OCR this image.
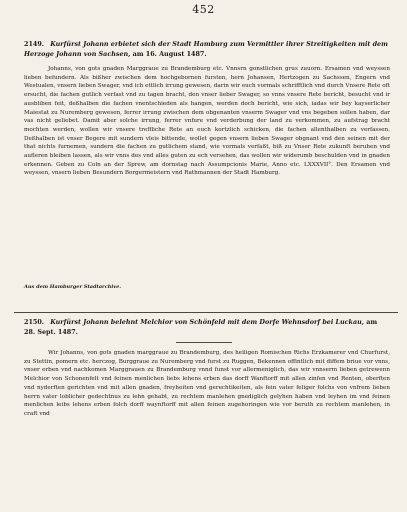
452
2149. Kurfürst Johann erbietet sich der Stadt Hamburg zum Vermittler ihrer Streitigkeiten mit dem Herzoge Johann von Sachsen, am 16. August 1487.

Johanns, von gots gnaden Marggraue zu Brandemburg etc. Vnnsrn gonstlichen grus zuuorn. Ersamen vnd weyssen lieben befundern. Als bißher zwischen dem hochgebornen fursten, hern Johansen, Hertzogen zu Sachssen, Engern vnd Westualen, vnsern lieben Swager, vnd ich ettlich irrung gewesen, darin wir euch vormals schrifftlich vnd durch Vnsere Rete oft ersucht, die fachen gutlich verfast vnd zu tagen bracht, den vnser lieber Swager, so vnns vnsere Rete bericht, besucht vnd ir ausbliben feit, deßhalben die fachen vnentschieden als hangen, werden doch bericht, wie sich, iadas wir bey kayserlicher Maiestat zu Nuremberg gewesen, ferrer irrung zwischen dem obgenanten vnserm Swager vnd vns begeben sollen haben, dar vas nicht geliebet. Damit aber solche irrung, ferrer vnfure vnd verderbung der land zu verkommen, zu aufstrag bracht mochten werden, wollen wir vnsere treffliche Rete an euch kortzlich schicken, die fachen allenthalben zu verfassen. Deßhalben ist vnser Begere mit sundern vleis bittende, wollet gegen vnsern lieben Swager obgnant vnd den seinen mit der that nichts furnemen, sundern die fachen zu gutlichem stand, wie vormals verfaßt, biß zu Vnser Rete zukunft beruhen vnd aufleren bleiben lassen, als wir vnns des vnd alles guten zu ech versehen, das wollen wir widerumb beschulden vnd in gnaden erkennen. Geben zu Coln an der Sprew, am dornstag nach Assumpcionis Marie, Anno etc. LXXXVII°. Den Ersamen vnd weyssen, vnsern lieben Besundern Borgermeistern vnd Rathmannen der Stadt Hamburg.

Aus dem Hamburger Stadtarchive.
2150. Kurfürst Johann belehnt Melchior von Schönfeld mit dem Dorfe Wehnsdorf bei Luckau, am 28. Sept. 1487.

Wir Johanns, von gots gnaden marggraue zu Brandemburg, des heiligen Romischen Richs Erzkamerer vnd Churfurst, zu Stettin, pomern etc. herczog, Burggraue zu Nuremberg vnd furst zu Ruggen, Bekennen offintlich mit diffem briue vor vnns, vnser erben vnd nachkomen Marggrauen zu Brandemburg vnnd funst vor allermeniglich, das wir vnnserm lieben getrewenn Melchior von Schonenfelt vnd feinen menlichen liebs lehens erben das dorff Wanftorff mit allen zinfen vnd Renten, oberften vnd nyderften gerichten vnd mit allen gnaden, freyheiten vnd gerechtikeiten, als fein vater feliger folchs von vnfrem lieben herrn vater loblicher gedechtnus zu lehn gehabt, zu rechtem manlehen gnediglich gelyhen haben vnd leyhen im vnd feinen menlichen leibs lehens erben folch dorff waynftorff mit allen feinen zugehoringen wie vor beruth zu rechtem manlehen, in craft vnd
